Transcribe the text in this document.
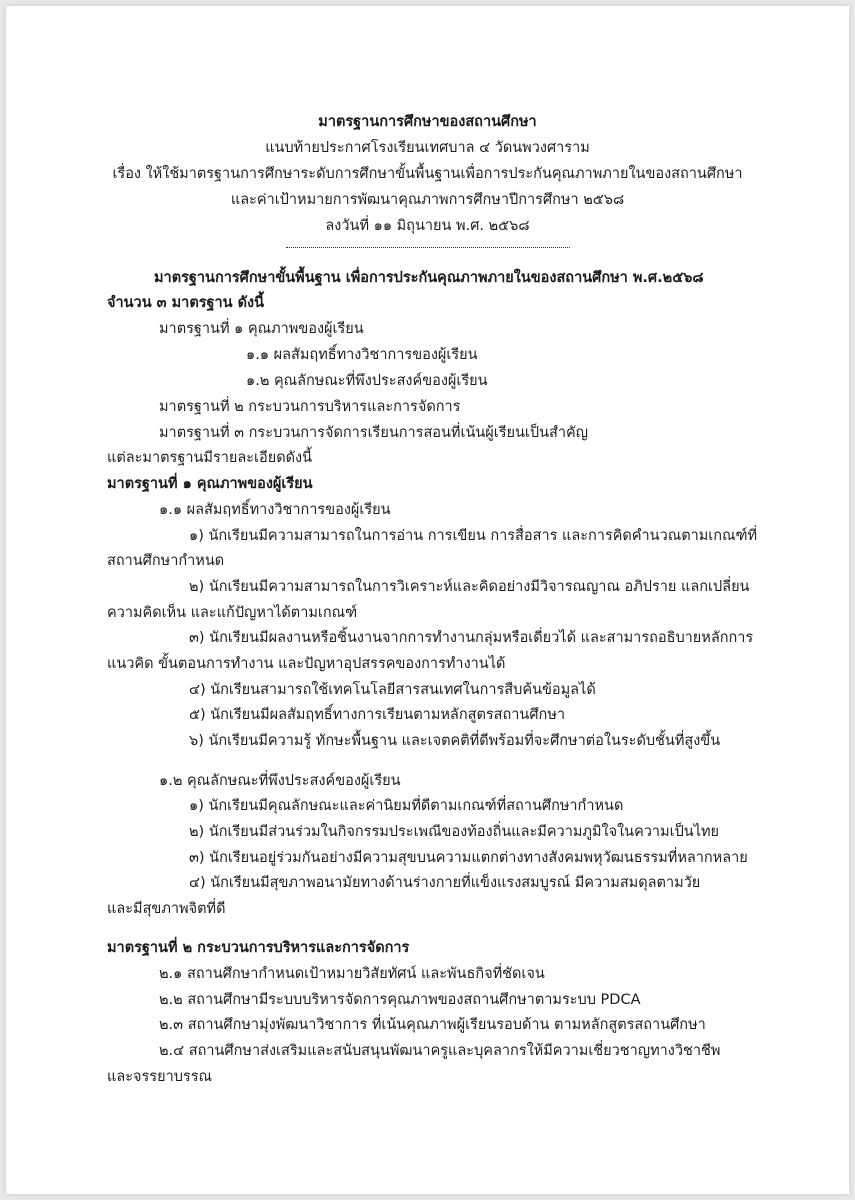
มาตรฐานการศึกษาของสถานศึกษา
แนบท้ายประกาศโรงเรียนเทศบาล ๔ วัดนพวงศาราม
เรื่อง ให้ใช้มาตรฐานการศึกษาระดับการศึกษาขั้นพื้นฐานเพื่อการประกันคุณภาพภายในของสถานศึกษา
และค่าเป้าหมายการพัฒนาคุณภาพการศึกษาปีการศึกษา ๒๕๖๘
ลงวันที่ ๑๑ มิถุนายน พ.ศ. ๒๕๖๘
มาตรฐานการศึกษาขั้นพื้นฐาน เพื่อการประกันคุณภาพภายในของสถานศึกษา พ.ศ.๒๕๖๘
จำนวน ๓ มาตรฐาน ดังนี้
มาตรฐานที่ ๑ คุณภาพของผู้เรียน
๑.๑ ผลสัมฤทธิ์ทางวิชาการของผู้เรียน
๑.๒ คุณลักษณะที่พึงประสงค์ของผู้เรียน
มาตรฐานที่ ๒ กระบวนการบริหารและการจัดการ
มาตรฐานที่ ๓ กระบวนการจัดการเรียนการสอนที่เน้นผู้เรียนเป็นสำคัญ
แต่ละมาตรฐานมีรายละเอียดดังนี้
มาตรฐานที่ ๑ คุณภาพของผู้เรียน
๑.๑ ผลสัมฤทธิ์ทางวิชาการของผู้เรียน
๑) นักเรียนมีความสามารถในการอ่าน การเขียน การสื่อสาร และการคิดคำนวณตามเกณฑ์ที่
สถานศึกษากำหนด
๒) นักเรียนมีความสามารถในการวิเคราะห์และคิดอย่างมีวิจารณญาณ อภิปราย แลกเปลี่ยน
ความคิดเห็น และแก้ปัญหาได้ตามเกณฑ์
๓) นักเรียนมีผลงานหรือชิ้นงานจากการทำงานกลุ่มหรือเดี่ยวได้ และสามารถอธิบายหลักการ
แนวคิด ขั้นตอนการทำงาน และปัญหาอุปสรรคของการทำงานได้
๔) นักเรียนสามารถใช้เทคโนโลยีสารสนเทศในการสืบค้นข้อมูลได้
๕) นักเรียนมีผลสัมฤทธิ์ทางการเรียนตามหลักสูตรสถานศึกษา
๖) นักเรียนมีความรู้ ทักษะพื้นฐาน และเจตคติที่ดีพร้อมที่จะศึกษาต่อในระดับชั้นที่สูงขึ้น
๑.๒ คุณลักษณะที่พึงประสงค์ของผู้เรียน
๑) นักเรียนมีคุณลักษณะและค่านิยมที่ดีตามเกณฑ์ที่สถานศึกษากำหนด
๒) นักเรียนมีส่วนร่วมในกิจกรรมประเพณีของท้องถิ่นและมีความภูมิใจในความเป็นไทย
๓) นักเรียนอยู่ร่วมกันอย่างมีความสุขบนความแตกต่างทางสังคมพหุวัฒนธรรมที่หลากหลาย
๔) นักเรียนมีสุขภาพอนามัยทางด้านร่างกายที่แข็งแรงสมบูรณ์ มีความสมดุลตามวัย
และมีสุขภาพจิตที่ดี
มาตรฐานที่ ๒ กระบวนการบริหารและการจัดการ
๒.๑ สถานศึกษากำหนดเป้าหมายวิสัยทัศน์ และพันธกิจที่ชัดเจน
๒.๒ สถานศึกษามีระบบบริหารจัดการคุณภาพของสถานศึกษาตามระบบ PDCA
๒.๓ สถานศึกษามุ่งพัฒนาวิชาการ ที่เน้นคุณภาพผู้เรียนรอบด้าน ตามหลักสูตรสถานศึกษา
๒.๔ สถานศึกษาส่งเสริมและสนับสนุนพัฒนาครูและบุคลากรให้มีความเชี่ยวชาญทางวิชาชีพ
และจรรยาบรรณ
